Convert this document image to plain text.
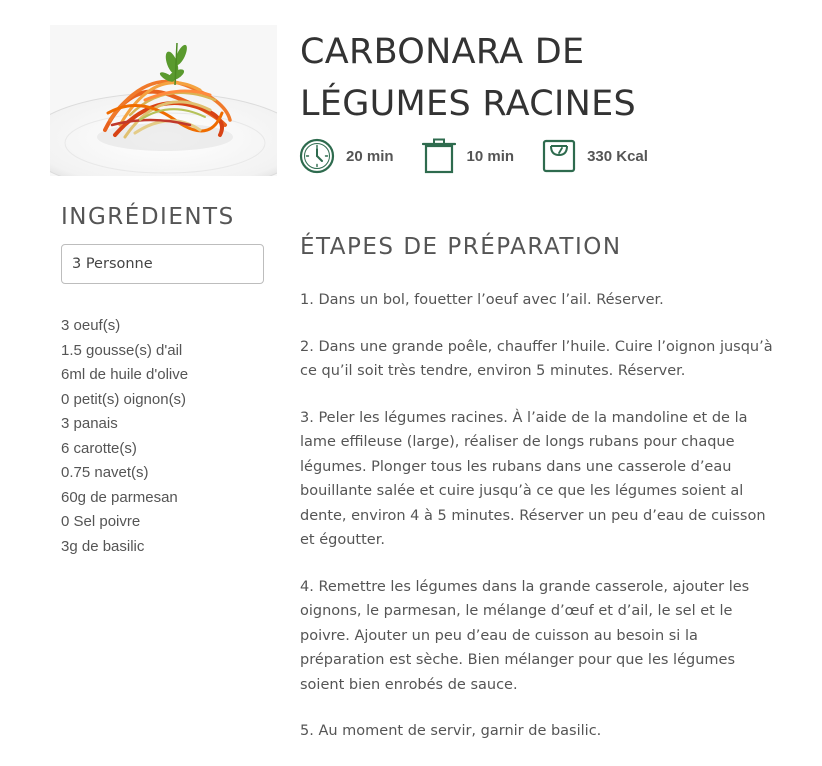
CARBONARA DE
LÉGUMES RACINES
20 min	10 min	330 Kcal
INGRÉDIENTS
3 Personne
3 oeuf(s)
1.5 gousse(s) d'ail
6ml de huile d'olive
0 petit(s) oignon(s)
3 panais
6 carotte(s)
0.75 navet(s)
60g de parmesan
0 Sel poivre
3g de basilic
ÉTAPES DE PRÉPARATION
1. Dans un bol, fouetter l’oeuf avec l’ail. Réserver.
2. Dans une grande poêle, chauffer l’huile. Cuire l’oignon jusqu’à ce qu’il soit très tendre, environ 5 minutes. Réserver.
3. Peler les légumes racines. À l’aide de la mandoline et de la lame effileuse (large), réaliser de longs rubans pour chaque légumes. Plonger tous les rubans dans une casserole d’eau bouillante salée et cuire jusqu’à ce que les légumes soient al dente, environ 4 à 5 minutes. Réserver un peu d’eau de cuisson et égoutter.
4. Remettre les légumes dans la grande casserole, ajouter les oignons, le parmesan, le mélange d’œuf et d’ail, le sel et le poivre. Ajouter un peu d’eau de cuisson au besoin si la préparation est sèche. Bien mélanger pour que les légumes soient bien enrobés de sauce.
5. Au moment de servir, garnir de basilic.
